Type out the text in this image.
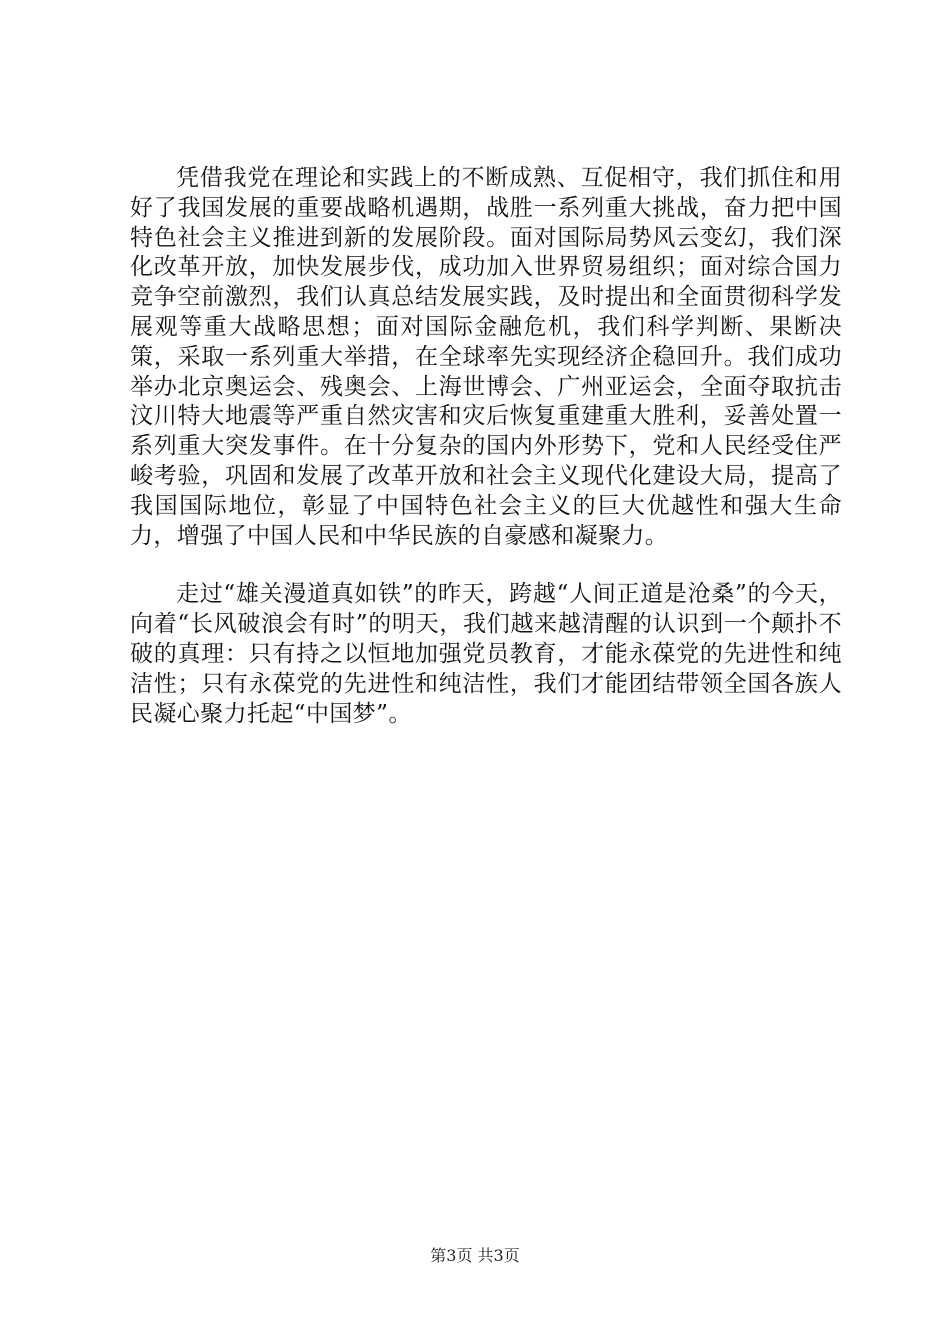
凭借我党在理论和实践上的不断成熟、互促相守，我们抓住和用好了我国发展的重要战略机遇期，战胜一系列重大挑战，奋力把中国特色社会主义推进到新的发展阶段。面对国际局势风云变幻，我们深化改革开放，加快发展步伐，成功加入世界贸易组织；面对综合国力竞争空前激烈，我们认真总结发展实践，及时提出和全面贯彻科学发展观等重大战略思想；面对国际金融危机，我们科学判断、果断决策，采取一系列重大举措，在全球率先实现经济企稳回升。我们成功举办北京奥运会、残奥会、上海世博会、广州亚运会，全面夺取抗击汶川特大地震等严重自然灾害和灾后恢复重建重大胜利，妥善处置一系列重大突发事件。在十分复杂的国内外形势下，党和人民经受住严峻考验，巩固和发展了改革开放和社会主义现代化建设大局，提高了我国国际地位，彰显了中国特色社会主义的巨大优越性和强大生命力，增强了中国人民和中华民族的自豪感和凝聚力。

走过“雄关漫道真如铁”的昨天，跨越“人间正道是沧桑”的今天，向着“长风破浪会有时”的明天，我们越来越清醒的认识到一个颠扑不破的真理：只有持之以恒地加强党员教育，才能永葆党的先进性和纯洁性；只有永葆党的先进性和纯洁性，我们才能团结带领全国各族人民凝心聚力托起“中国梦”。

第3页 共3页
